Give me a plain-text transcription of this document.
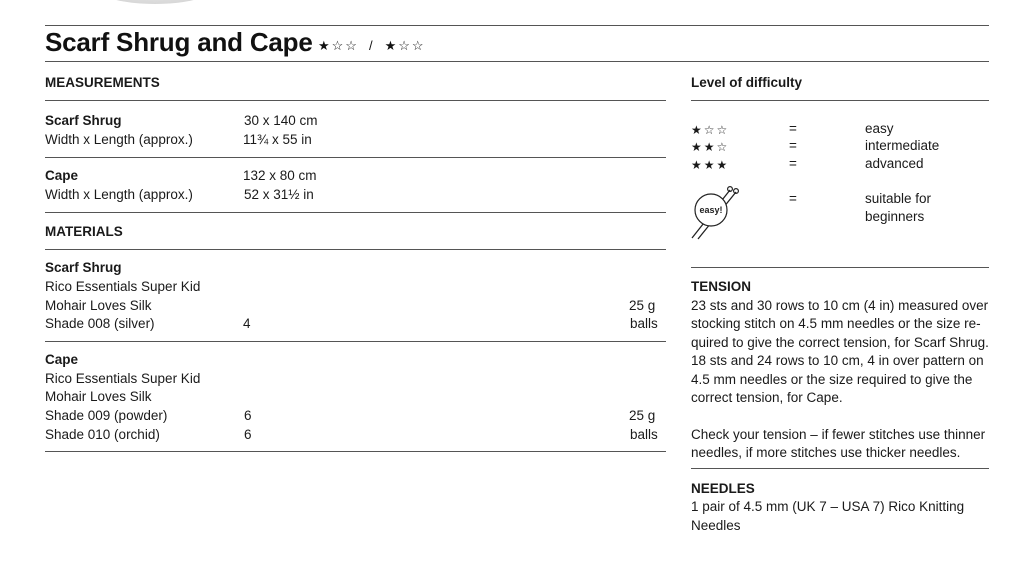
Scarf Shrug and Cape ★☆☆ / ★☆☆
MEASUREMENTS
Scarf Shrug	30 x 140 cm
Width x Length (approx.)	11¾ x 55 in
Cape	132 x 80 cm
Width x Length (approx.)	52 x 31½ in
MATERIALS
Scarf Shrug
Rico Essentials Super Kid
Mohair Loves Silk	25 g
Shade 008 (silver)	4	balls
Cape
Rico Essentials Super Kid
Mohair Loves Silk
Shade 009 (powder)	6	25 g
Shade 010 (orchid)	6	balls
Level of difficulty
★☆☆	=	easy
★★☆	=	intermediate
★★★	=	advanced
easy!
=	suitable for
beginners
TENSION
23 sts and 30 rows to 10 cm (4 in) measured over
stocking stitch on 4.5 mm needles or the size re-
quired to give the correct tension, for Scarf Shrug.
18 sts and 24 rows to 10 cm, 4 in over pattern on
4.5 mm needles or the size required to give the
correct tension, for Cape.
Check your tension – if fewer stitches use thinner
needles, if more stitches use thicker needles.
NEEDLES
1 pair of 4.5 mm (UK 7 – USA 7) Rico Knitting
Needles
